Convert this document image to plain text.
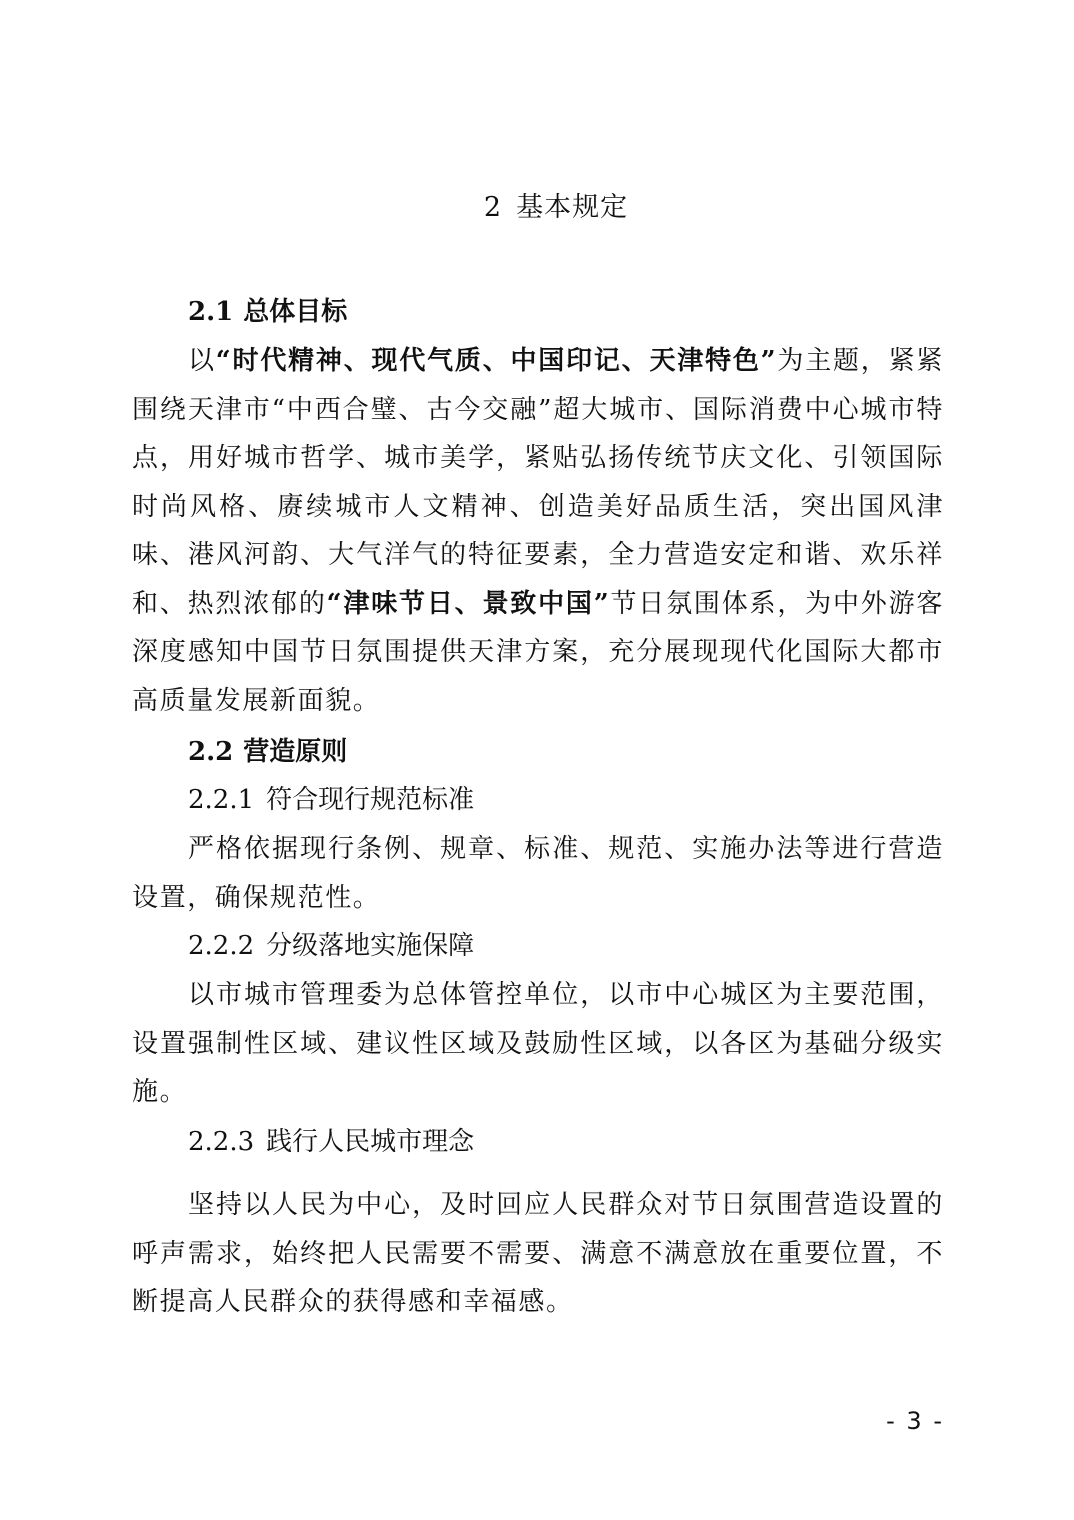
2 基本规定
2.1 总体目标
以“时代精神、现代气质、中国印记、天津特色”为主题，紧紧围绕天津市“中西合璧、古今交融”超大城市、国际消费中心城市特点，用好城市哲学、城市美学，紧贴弘扬传统节庆文化、引领国际时尚风格、赓续城市人文精神、创造美好品质生活，突出国风津味、港风河韵、大气洋气的特征要素，全力营造安定和谐、欢乐祥和、热烈浓郁的“津味节日、景致中国”节日氛围体系，为中外游客深度感知中国节日氛围提供天津方案，充分展现现代化国际大都市高质量发展新面貌。
2.2 营造原则
2.2.1 符合现行规范标准
严格依据现行条例、规章、标准、规范、实施办法等进行营造设置，确保规范性。
2.2.2 分级落地实施保障
以市城市管理委为总体管控单位，以市中心城区为主要范围，设置强制性区域、建议性区域及鼓励性区域，以各区为基础分级实施。
2.2.3 践行人民城市理念
坚持以人民为中心，及时回应人民群众对节日氛围营造设置的呼声需求，始终把人民需要不需要、满意不满意放在重要位置，不断提高人民群众的获得感和幸福感。
- 3 -
